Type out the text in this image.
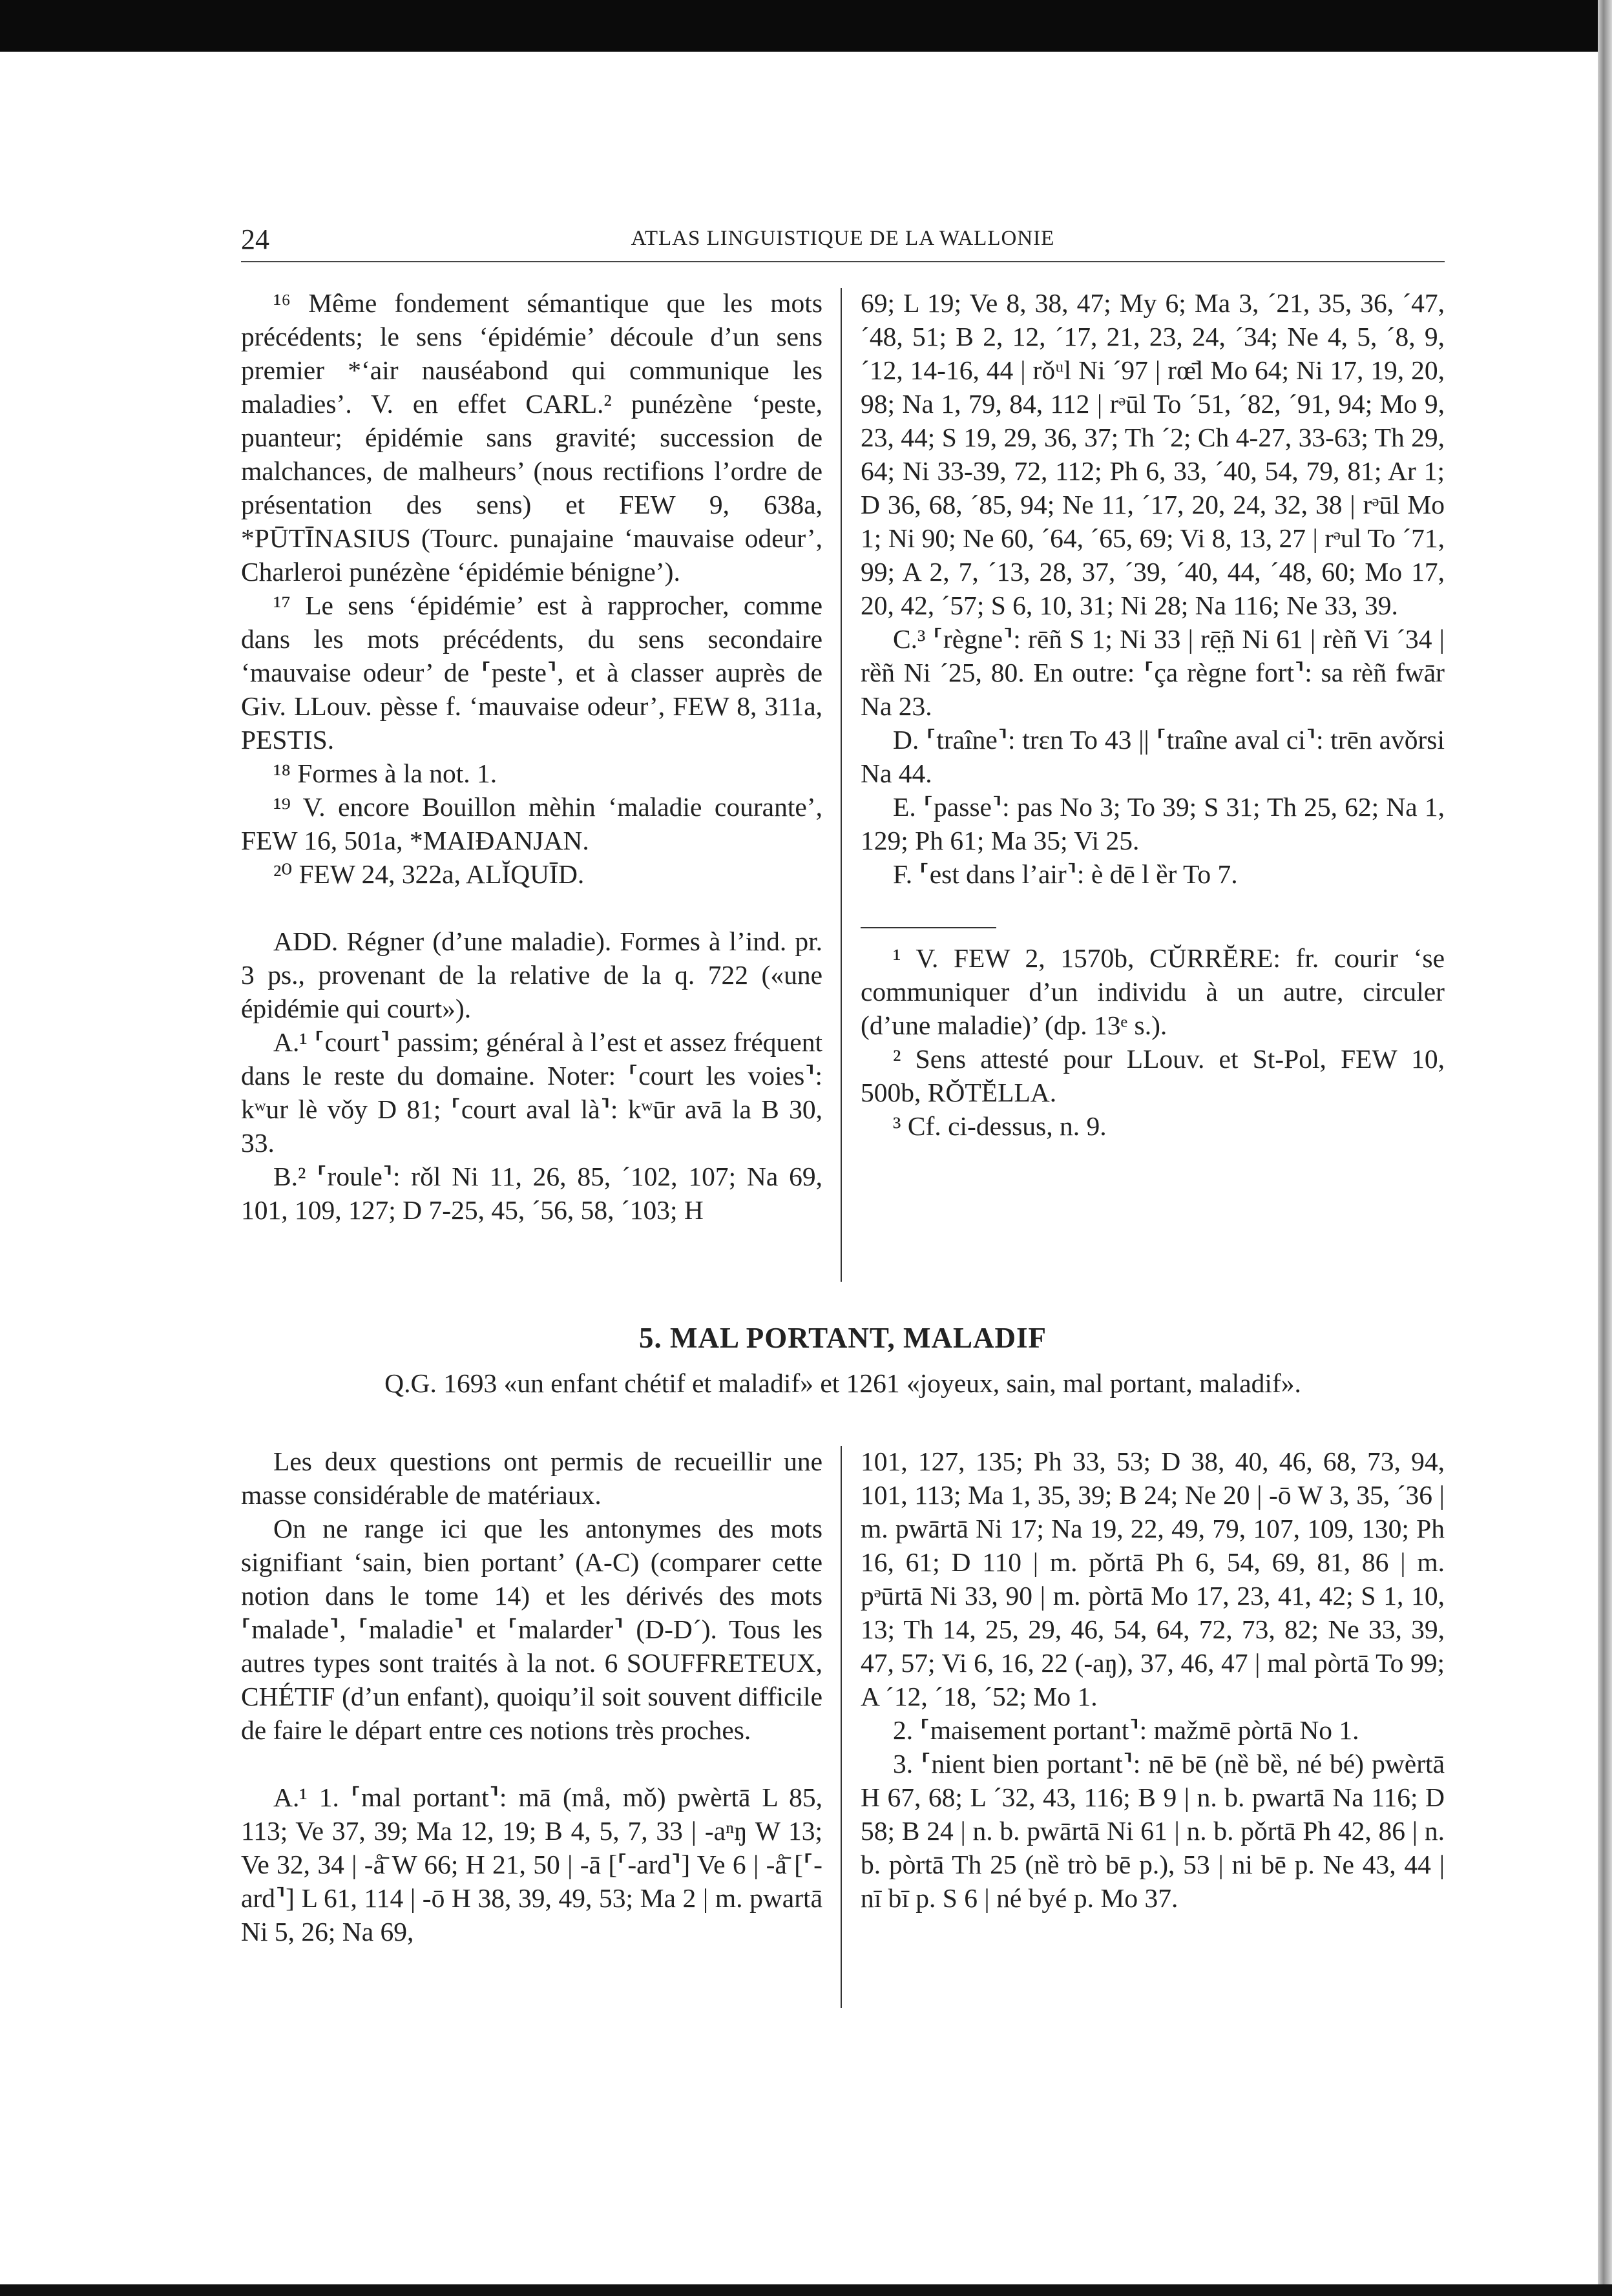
24	ATLAS LINGUISTIQUE DE LA WALLONIE

¹⁶ Même fondement sémantique que les mots précédents; le sens ‘épidémie’ découle d’un sens premier *‘air nauséabond qui communique les maladies’. V. en effet CARL.² punézène ‘peste, puanteur; épidémie sans gravité; succession de malchances, de malheurs’ (nous rectifions l’ordre de présentation des sens) et FEW 9, 638a, *PŪTĪNASIUS (Tourc. punajaine ‘mauvaise odeur’, Charleroi punézène ‘épidémie bénigne’).

¹⁷ Le sens ‘épidémie’ est à rapprocher, comme dans les mots précédents, du sens secondaire ‘mauvaise odeur’ de ⸢peste⸣, et à classer auprès de Giv. LLouv. pèsse f. ‘mauvaise odeur’, FEW 8, 311a, PESTIS.

¹⁸ Formes à la not. 1.

¹⁹ V. encore Bouillon mèhin ‘maladie courante’, FEW 16, 501a, *MAIÐANJAN.

²⁰ FEW 24, 322a, ALĬQUĪD.

ADD. Régner (d’une maladie). Formes à l’ind. pr. 3 ps., provenant de la relative de la q. 722 («une épidémie qui court»).

A.¹ ⸢court⸣ passim; général à l’est et assez fréquent dans le reste du domaine. Noter: ⸢court les voies⸣: kʷur lè vǒy D 81; ⸢court aval là⸣: kʷūr avā la B 30, 33.

B.² ⸢roule⸣: rǒl Ni 11, 26, 85, ´102, 107; Na 69, 101, 109, 127; D 7-25, 45, ´56, 58, ´103; H

69; L 19; Ve 8, 38, 47; My 6; Ma 3, ´21, 35, 36, ´47, ´48, 51; B 2, 12, ´17, 21, 23, 24, ´34; Ne 4, 5, ´8, 9, ´12, 14-16, 44 | rǒᵘl Ni ´97 | rœ̄l Mo 64; Ni 17, 19, 20, 98; Na 1, 79, 84, 112 | rᵊūl To ´51, ´82, ´91, 94; Mo 9, 23, 44; S 19, 29, 36, 37; Th ´2; Ch 4-27, 33-63; Th 29, 64; Ni 33-39, 72, 112; Ph 6, 33, ´40, 54, 79, 81; Ar 1; D 36, 68, ´85, 94; Ne 11, ´17, 20, 24, 32, 38 | rᵊūl Mo 1; Ni 90; Ne 60, ´64, ´65, 69; Vi 8, 13, 27 | rᵊul To ´71, 99; A 2, 7, ´13, 28, 37, ´39, ´40, 44, ´48, 60; Mo 17, 20, 42, ´57; S 6, 10, 31; Ni 28; Na 116; Ne 33, 39.

C.³ ⸢règne⸣: rēñ S 1; Ni 33 | rē̤ñ Ni 61 | rèñ Vi ´34 | rȅñ Ni ´25, 80. En outre: ⸢ça règne fort⸣: sa rèñ fwār Na 23.

D. ⸢traîne⸣: trɛn To 43 || ⸢traîne aval ci⸣: trēn avǒrsi Na 44.

E. ⸢passe⸣: pas No 3; To 39; S 31; Th 25, 62; Na 1, 129; Ph 61; Ma 35; Vi 25.

F. ⸢est dans l’air⸣: è dē l ȅr To 7.

¹ V. FEW 2, 1570b, CŬRRĔRE: fr. courir ‘se communiquer d’un individu à un autre, circuler (d’une maladie)’ (dp. 13ᵉ s.).

² Sens attesté pour LLouv. et St-Pol, FEW 10, 500b, RŎTĔLLA.

³ Cf. ci-dessus, n. 9.

5. MAL PORTANT, MALADIF
Q.G. 1693 «un enfant chétif et maladif» et 1261 «joyeux, sain, mal portant, maladif».

Les deux questions ont permis de recueillir une masse considérable de matériaux.

On ne range ici que les antonymes des mots signifiant ‘sain, bien portant’ (A-C) (comparer cette notion dans le tome 14) et les dérivés des mots ⸢malade⸣, ⸢maladie⸣ et ⸢malarder⸣ (D-D´). Tous les autres types sont traités à la not. 6 SOUFFRETEUX, CHÉTIF (d’un enfant), quoiqu’il soit souvent difficile de faire le départ entre ces notions très proches.

A.¹ 1. ⸢mal portant⸣: mā (må, mǒ) pwèrtā L 85, 113; Ve 37, 39; Ma 12, 19; B 4, 5, 7, 33 | -aⁿŋ W 13; Ve 32, 34 | -å̄ W 66; H 21, 50 | -ā [⸢-ard⸣] Ve 6 | -å̄ [⸢-ard⸣] L 61, 114 | -ō H 38, 39, 49, 53; Ma 2 | m. pwartā Ni 5, 26; Na 69,

101, 127, 135; Ph 33, 53; D 38, 40, 46, 68, 73, 94, 101, 113; Ma 1, 35, 39; B 24; Ne 20 | -ō W 3, 35, ´36 | m. pwārtā Ni 17; Na 19, 22, 49, 79, 107, 109, 130; Ph 16, 61; D 110 | m. pǒrtā Ph 6, 54, 69, 81, 86 | m. pᵊūrtā Ni 33, 90 | m. pòrtā Mo 17, 23, 41, 42; S 1, 10, 13; Th 14, 25, 29, 46, 54, 64, 72, 73, 82; Ne 33, 39, 47, 57; Vi 6, 16, 22 (-aŋ), 37, 46, 47 | mal pòrtā To 99; A ´12, ´18, ´52; Mo 1.

2. ⸢maisement portant⸣: mažmē pòrtā No 1.

3. ⸢nient bien portant⸣: nē bē (nȅ bȅ, né bé) pwèrtā H 67, 68; L ´32, 43, 116; B 9 | n. b. pwartā Na 116; D 58; B 24 | n. b. pwārtā Ni 61 | n. b. pǒrtā Ph 42, 86 | n. b. pòrtā Th 25 (nȅ trò bē p.), 53 | ni bē p. Ne 43, 44 | nī bī p. S 6 | né byé p. Mo 37.
